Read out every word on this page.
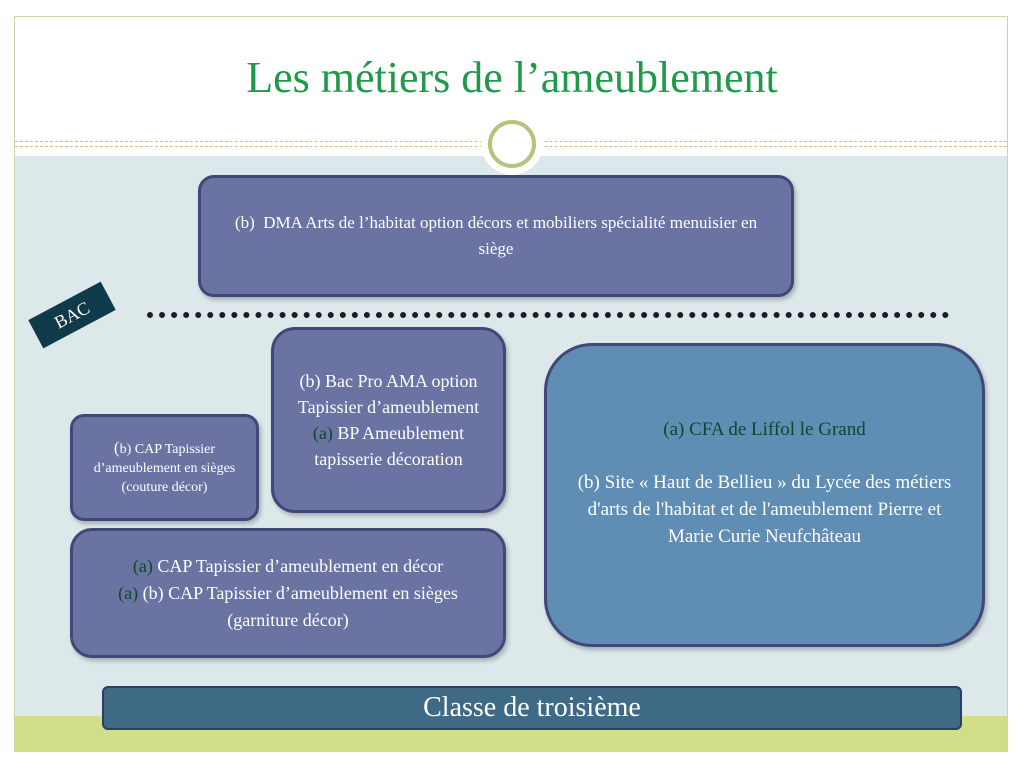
Les métiers de l’ameublement
(b) DMA Arts de l’habitat option décors et mobiliers spécialité menuisier en siège
BAC
(b) Bac Pro AMA option Tapissier d’ameublement
(a) BP Ameublement tapisserie décoration
(b) CAP Tapissier d’ameublement en sièges (couture décor)
(a) CAP Tapissier d’ameublement en décor
(a) (b) CAP Tapissier d’ameublement en sièges (garniture décor)
(a) CFA de Liffol le Grand
(b) Site « Haut de Bellieu » du Lycée des métiers d'arts de l'habitat et de l'ameublement Pierre et Marie Curie Neufchâteau
Classe de troisième
